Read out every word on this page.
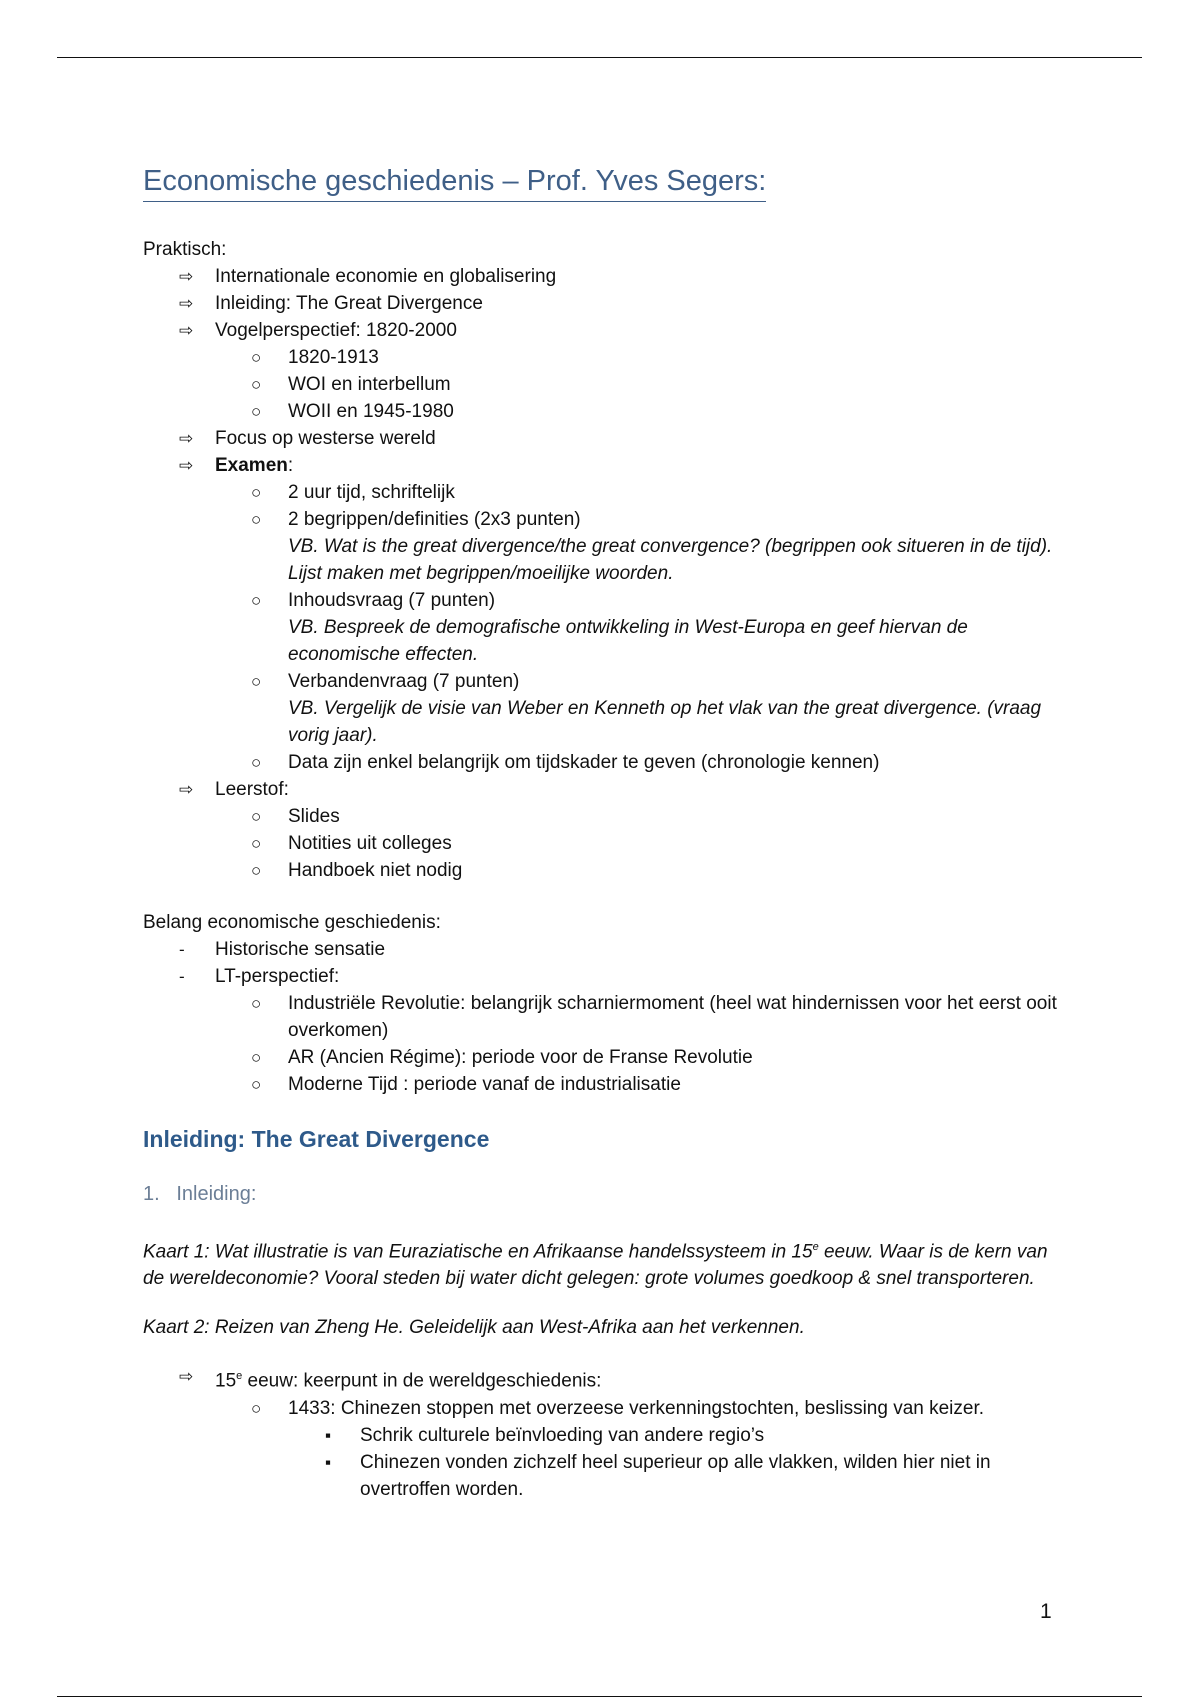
Economische geschiedenis – Prof. Yves Segers:
Praktisch:
⇨ Internationale economie en globalisering
⇨ Inleiding: The Great Divergence
⇨ Vogelperspectief: 1820-2000
○ 1820-1913
○ WOI en interbellum
○ WOII en 1945-1980
⇨ Focus op westerse wereld
⇨ Examen:
○ 2 uur tijd, schriftelijk
○ 2 begrippen/definities (2x3 punten)
VB. Wat is the great divergence/the great convergence? (begrippen ook situeren in de tijd). Lijst maken met begrippen/moeilijke woorden.
○ Inhoudsvraag (7 punten)
VB. Bespreek de demografische ontwikkeling in West-Europa en geef hiervan de economische effecten.
○ Verbandenvraag (7 punten)
VB. Vergelijk de visie van Weber en Kenneth op het vlak van the great divergence. (vraag vorig jaar).
○ Data zijn enkel belangrijk om tijdskader te geven (chronologie kennen)
⇨ Leerstof:
○ Slides
○ Notities uit colleges
○ Handboek niet nodig
Belang economische geschiedenis:
- Historische sensatie
- LT-perspectief:
○ Industriële Revolutie: belangrijk scharniermoment (heel wat hindernissen voor het eerst ooit overkomen)
○ AR (Ancien Régime): periode voor de Franse Revolutie
○ Moderne Tijd : periode vanaf de industrialisatie
Inleiding: The Great Divergence
1. Inleiding:
Kaart 1: Wat illustratie is van Euraziatische en Afrikaanse handelssysteem in 15e eeuw. Waar is de kern van de wereldeconomie? Vooral steden bij water dicht gelegen: grote volumes goedkoop & snel transporteren.
Kaart 2: Reizen van Zheng He. Geleidelijk aan West-Afrika aan het verkennen.
⇨ 15e eeuw: keerpunt in de wereldgeschiedenis:
○ 1433: Chinezen stoppen met overzeese verkenningstochten, beslissing van keizer.
▪ Schrik culturele beïnvloeding van andere regio’s
▪ Chinezen vonden zichzelf heel superieur op alle vlakken, wilden hier niet in overtroffen worden.
1
